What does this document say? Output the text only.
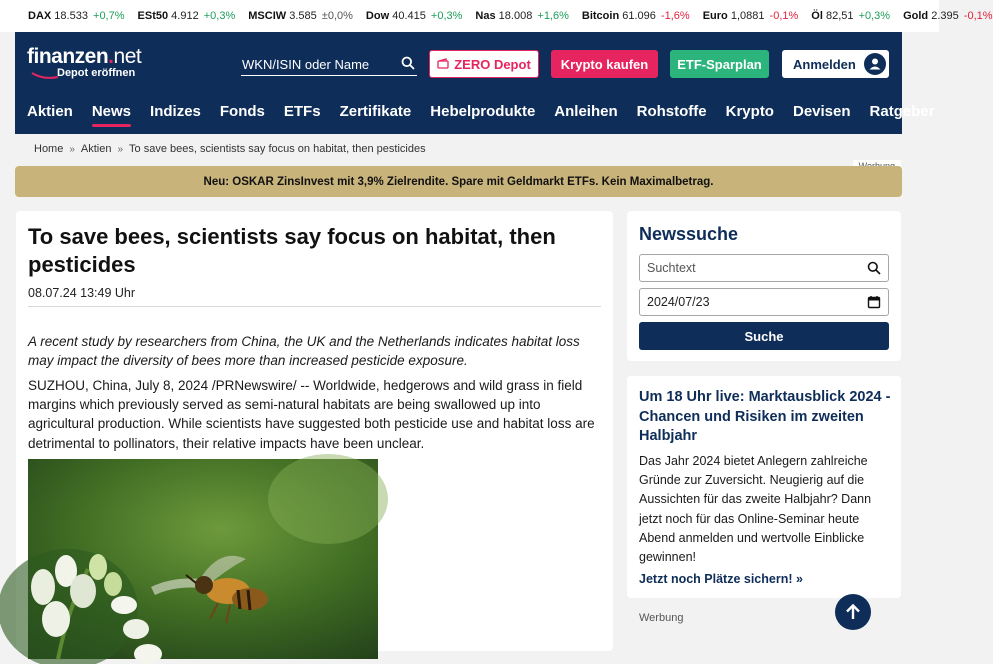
DAX 18.533 +0,7% ESt50 4.912 +0,3% MSCIW 3.585 ±0,0% Dow 40.415 +0,3% Nas 18.008 +1,6% Bitcoin 61.096 -1,6% Euro 1,0881 -0,1% Öl 82,51 +0,3% Gold 2.395 -0,1%
finanzen.net
Depot eröffnen
WKN/ISIN oder Name
ZERO Depot Krypto kaufen ETF-Sparplan Anmelden
Aktien News Indizes Fonds ETFs Zertifikate Hebelprodukte Anleihen Rohstoffe Krypto Devisen Ratgeber
Home » Aktien » To save bees, scientists say focus on habitat, then pesticides
Neu: OSKAR ZinsInvest mit 3,9% Zielrendite. Spare mit Geldmarkt ETFs. Kein Maximalbetrag.
To save bees, scientists say focus on habitat, then pesticides
08.07.24 13:49 Uhr
A recent study by researchers from China, the UK and the Netherlands indicates habitat loss may impact the diversity of bees more than increased pesticide exposure.
SUZHOU, China, July 8, 2024 /PRNewswire/ -- Worldwide, hedgerows and wild grass in field margins which previously served as semi-natural habitats are being swallowed up into agricultural production. While scientists have suggested both pesticide use and habitat loss are detrimental to pollinators, their relative impacts have been unclear.
Newssuche
Suchtext
2024/07/23
Suche
Um 18 Uhr live: Marktausblick 2024 - Chancen und Risiken im zweiten Halbjahr

Das Jahr 2024 bietet Anlegern zahlreiche Gründe zur Zuversicht. Neugierig auf die Aussichten für das zweite Halbjahr? Dann jetzt noch für das Online-Seminar heute Abend anmelden und wertvolle Einblicke gewinnen!

Jetzt noch Plätze sichern! »
Werbung
